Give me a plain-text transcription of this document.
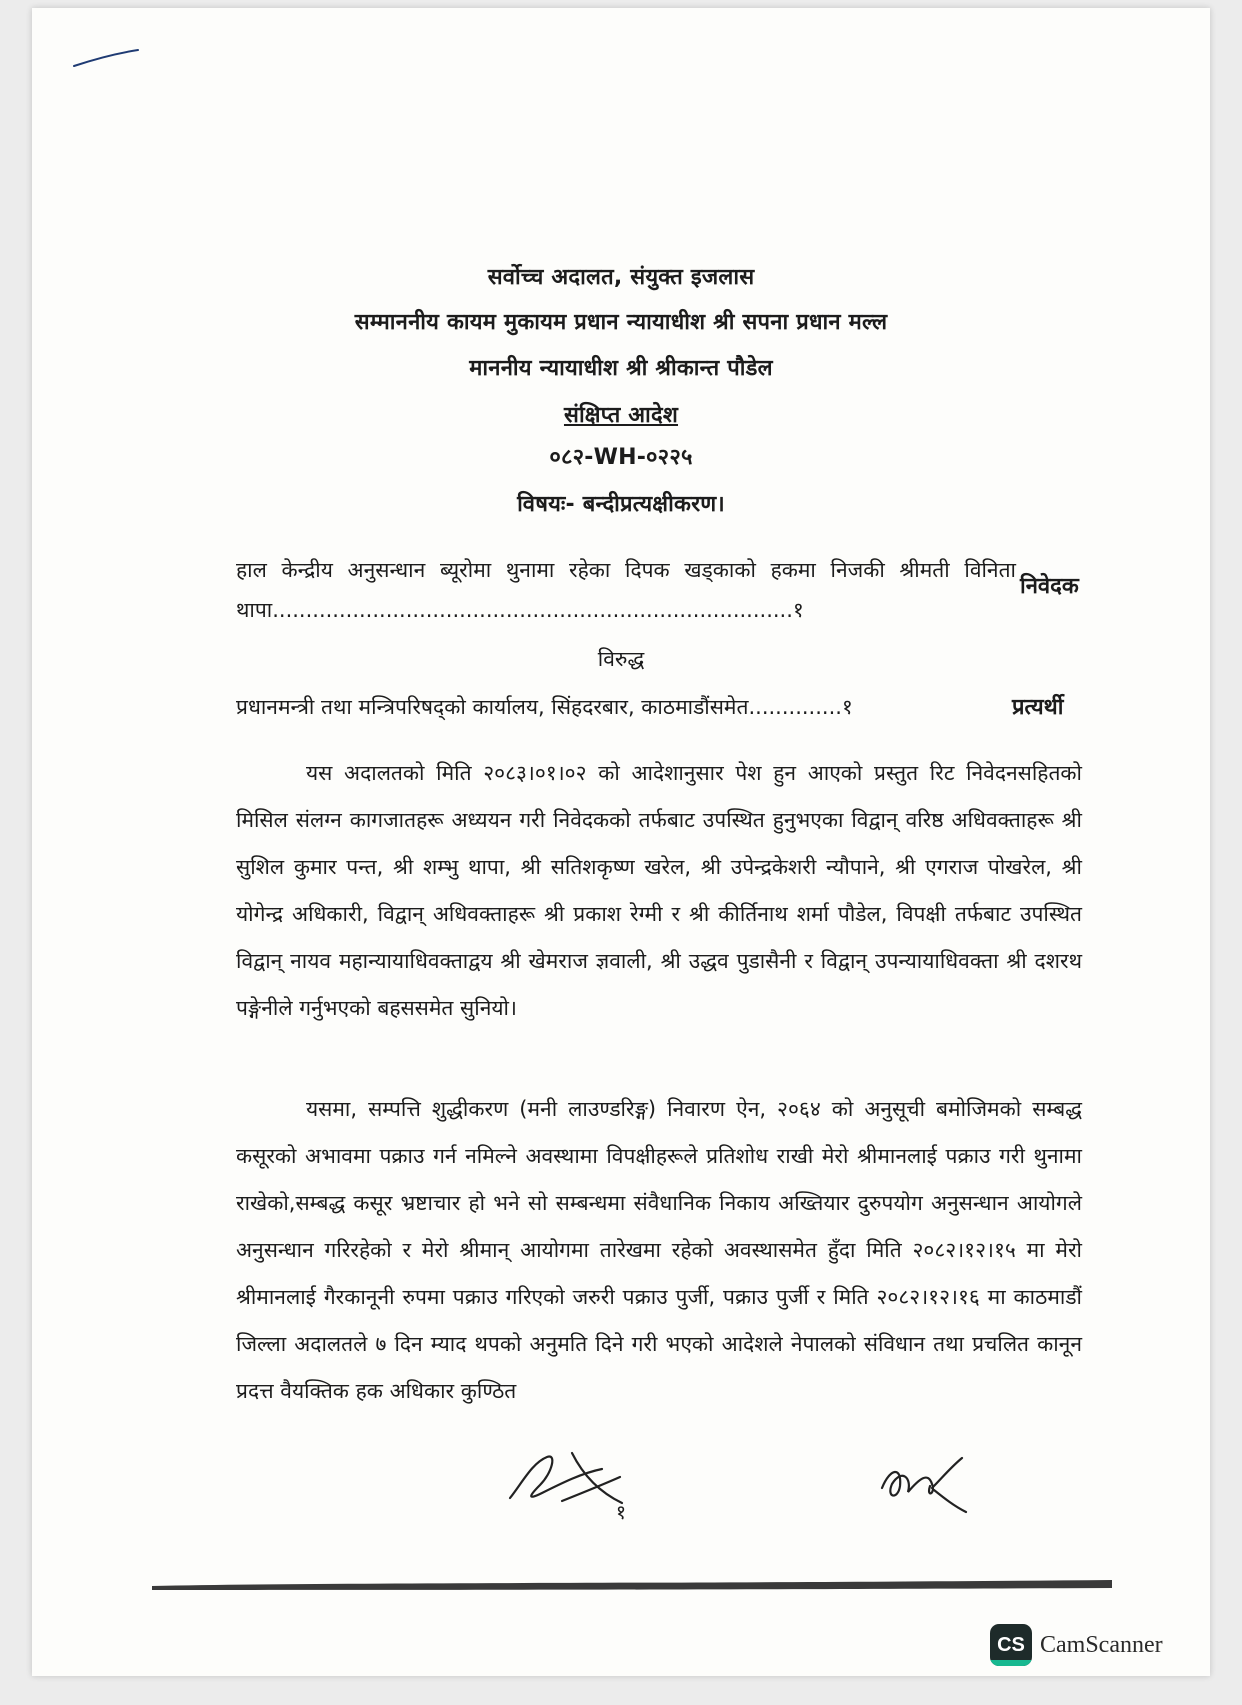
सर्वोच्च अदालत, संयुक्त इजलास
सम्माननीय कायम मुकायम प्रधान न्यायाधीश श्री सपना प्रधान मल्ल
माननीय न्यायाधीश श्री श्रीकान्त पौडेल
संक्षिप्त आदेश
०८२-WH-०२२५
विषयः- बन्दीप्रत्यक्षीकरण।
हाल केन्द्रीय अनुसन्धान ब्यूरोमा थुनामा रहेका दिपक खड्काको हकमा निजकी श्रीमती विनिता थापा..............................................................................१
निवेदक
विरुद्ध
प्रधानमन्त्री तथा मन्त्रिपरिषद्को कार्यालय, सिंहदरबार, काठमाडौंसमेत..............१	प्रत्यर्थी
यस अदालतको मिति २०८३।०१।०२ को आदेशानुसार पेश हुन आएको प्रस्तुत रिट निवेदनसहितको मिसिल संलग्न कागजातहरू अध्ययन गरी निवेदकको तर्फबाट उपस्थित हुनुभएका विद्वान् वरिष्ठ अधिवक्ताहरू श्री सुशिल कुमार पन्त, श्री शम्भु थापा, श्री सतिशकृष्ण खरेल, श्री उपेन्द्रकेशरी न्यौपाने, श्री एगराज पोखरेल, श्री योगेन्द्र अधिकारी, विद्वान् अधिवक्ताहरू श्री प्रकाश रेग्मी र श्री कीर्तिनाथ शर्मा पौडेल, विपक्षी तर्फबाट उपस्थित विद्वान् नायव महान्यायाधिवक्ताद्वय श्री खेमराज ज्ञवाली, श्री उद्धव पुडासैनी र विद्वान् उपन्यायाधिवक्ता श्री दशरथ पङ्गेनीले गर्नुभएको बहससमेत सुनियो।
यसमा, सम्पत्ति शुद्धीकरण (मनी लाउण्डरिङ्ग) निवारण ऐन, २०६४ को अनुसूची बमोजिमको सम्बद्ध कसूरको अभावमा पक्राउ गर्न नमिल्ने अवस्थामा विपक्षीहरूले प्रतिशोध राखी मेरो श्रीमानलाई पक्राउ गरी थुनामा राखेको,सम्बद्ध कसूर भ्रष्टाचार हो भने सो सम्बन्धमा संवैधानिक निकाय अख्तियार दुरुपयोग अनुसन्धान आयोगले अनुसन्धान गरिरहेको र मेरो श्रीमान् आयोगमा तारेखमा रहेको अवस्थासमेत हुँदा मिति २०८२।१२।१५ मा मेरो श्रीमानलाई गैरकानूनी रुपमा पक्राउ गरिएको जरुरी पक्राउ पुर्जी, पक्राउ पुर्जी र मिति २०८२।१२।१६ मा काठमाडौं जिल्ला अदालतले ७ दिन म्याद थपको अनुमति दिने गरी भएको आदेशले नेपालको संविधान तथा प्रचलित कानून प्रदत्त वैयक्तिक हक अधिकार कुण्ठित
१
CS CamScanner
